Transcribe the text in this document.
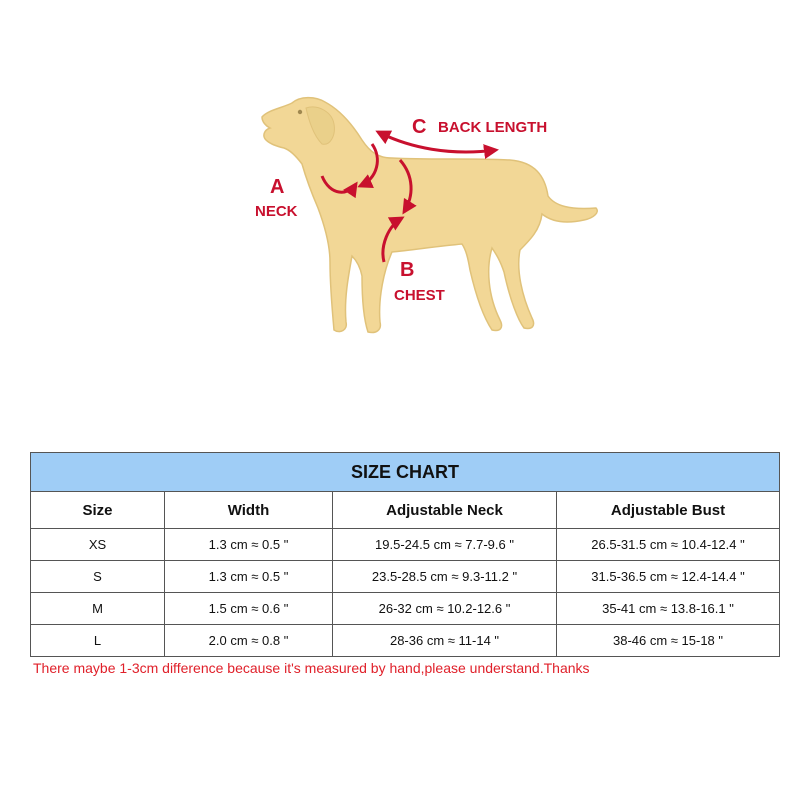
A
NECK
B
CHEST
C BACK LENGTH
SIZE CHART			
Size	Width	Adjustable Neck	Adjustable Bust
XS	1.3 cm ≈ 0.5 "	19.5-24.5 cm ≈ 7.7-9.6 "	26.5-31.5 cm ≈ 10.4-12.4 "
S	1.3 cm ≈ 0.5 "	23.5-28.5 cm ≈ 9.3-11.2 "	31.5-36.5 cm ≈ 12.4-14.4 "
M	1.5 cm ≈ 0.6 "	26-32 cm ≈ 10.2-12.6 "	35-41 cm ≈ 13.8-16.1 "
L	2.0 cm ≈ 0.8 "	28-36 cm ≈ 11-14 "	38-46 cm ≈ 15-18 "
There maybe 1-3cm difference because it's measured by hand,please understand.Thanks
